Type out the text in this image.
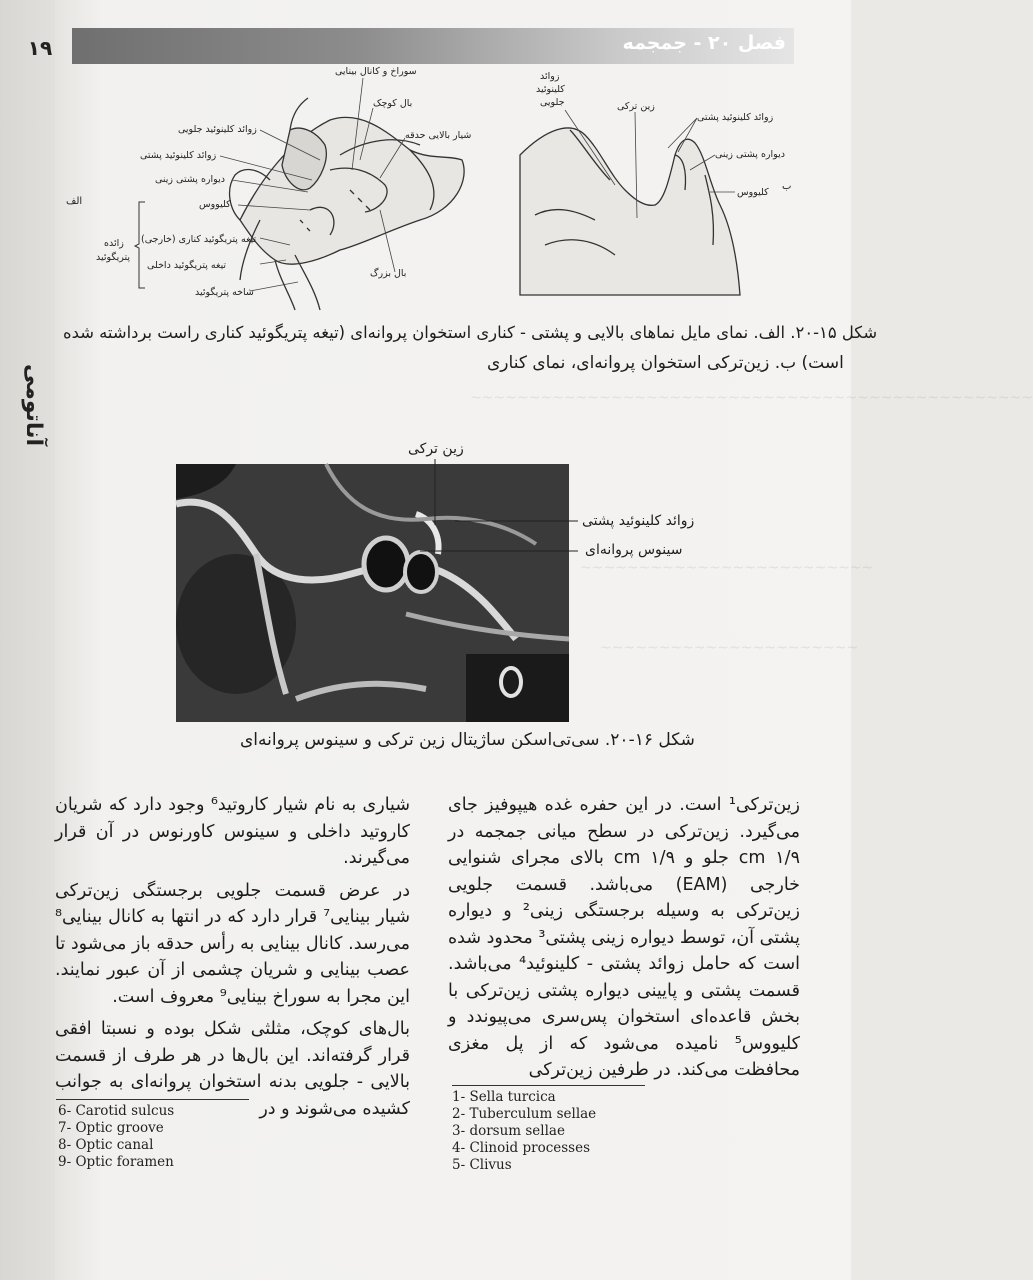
⁠~~~~~~~~~~~~~~~~~~~~~~~~~~~~~~~~~~~~~~~~~~~~~~~~
~~~~~~~~~~~~~~~~~~~~~~~~~
~~~~~~~~~~~~~~~~~~~~~~
۱۹	فصل ۲۰ - جمجمه
آناتومی
سوراخ و کانال بینایی
بال کوچک
شیار بالایی حدقه
زوائد کلینوئید جلویی
زوائد کلینوئید پشتی
دیواره پشتی زینی
کلیووس
تیغه پتریگوئید کناری (خارجی)
تیغه پتریگوئید داخلی
شاخه پتریگوئید
بال بزرگ
زائده
پتریگوئید
الف
زوائد
کلینوئید
جلویی	زین ترکی
زوائد کلینوئید پشتی
دیواره پشتی زینی
کلیووس
ب
شکل ۱۵-۲۰. الف. نمای مایل نماهای بالایی و پشتی - کناری استخوان پروانه‌ای (تیغه پتریگوئید کناری راست برداشته شده
است) ب. زین‌ترکی استخوان پروانه‌ای، نمای کناری
زین ترکی
زوائد کلینوئید پشتی
سینوس پروانه‌ای
شکل ۱۶-۲۰. سی‌تی‌اسکن ساژیتال زین ترکی و سینوس پروانه‌ای

زین‌ترکی¹ است. در این حفره غده هیپوفیز جای می‌گیرد. زین‌ترکی در سطح میانی جمجمه در ۱/۹ cm جلو و cm ۱/۹ بالای مجرای شنوایی خارجی (EAM) می‌باشد. قسمت جلویی زین‌ترکی به وسیله برجستگی زینی² و دیواره پشتی آن، توسط دیواره زینی پشتی³ محدود شده است که حامل زوائد پشتی - کلینوئید⁴ می‌باشد. قسمت پشتی و پایینی دیواره پشتی زین‌ترکی با بخش قاعده‌ای استخوان پس‌سری می‌پیوندد و کلیووس⁵ نامیده می‌شود که از پل مغزی محافظت می‌کند. در طرفین زین‌ترکی

شیاری به نام شیار کاروتید⁶ وجود دارد که شریان کاروتید داخلی و سینوس کاورنوس در آن قرار می‌گیرند.

در عرض قسمت جلویی برجستگی زین‌ترکی شیار بینایی⁷ قرار دارد که در انتها به کانال بینایی⁸ می‌رسد. کانال بینایی به رأس حدقه باز می‌شود تا عصب بینایی و شریان چشمی از آن عبور نمایند. این مجرا به سوراخ بینایی⁹ معروف است.

بال‌های کوچک، مثلثی شکل بوده و نسبتا افقی قرار گرفته‌اند. این بال‌ها در هر طرف از قسمت بالایی - جلویی بدنه استخوان پروانه‌ای به جوانب کشیده می‌شوند و در

6- Carotid sulcus
7- Optic groove
8- Optic canal
9- Optic foramen
1- Sella turcica
2- Tuberculum sellae
3- dorsum sellae
4- Clinoid processes
5- Clivus
